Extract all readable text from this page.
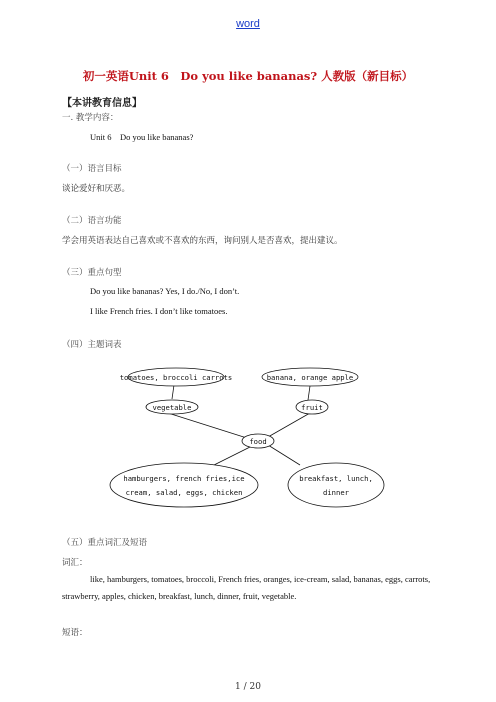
word
初一英语Unit 6　Do you like bananas? 人教版（新目标）
【本讲教育信息】
一. 教学内容：
Unit 6　Do you like bananas?
（一）语言目标
谈论爱好和厌恶。
（二）语言功能
学会用英语表达自己喜欢或不喜欢的东西，询问别人是否喜欢，提出建议。
（三）重点句型
Do you like bananas? Yes, I do./No, I don’t.
I like French fries. I don’t like tomatoes.
（四）主题词表
tomatoes, broccoli carrots
vegetable
banana, orange apple
fruit
food
hamburgers, french fries,ice
cream, salad, eggs, chicken
breakfast, lunch,
dinner
（五）重点词汇及短语
词汇：
like, hamburgers, tomatoes, broccoli, French fries, oranges, ice-cream, salad, bananas, eggs, carrots, strawberry, apples, chicken, breakfast, lunch, dinner, fruit, vegetable.
短语：
1 / 20
